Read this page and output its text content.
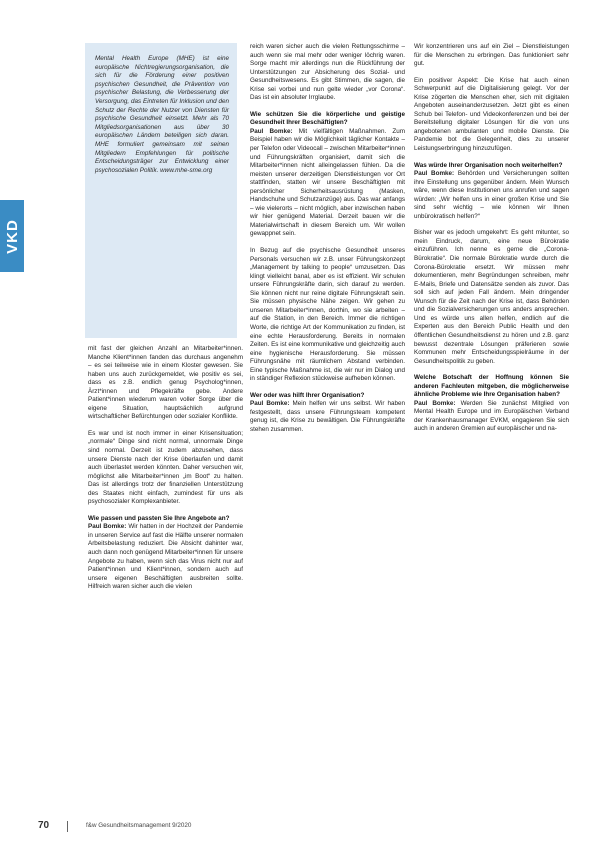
VKD

Mental Health Europe (MHE) ist eine europäische Nichtregierungsorganisation, die sich für die Förderung einer positiven psychischen Gesundheit, die Prävention von psychischer Belastung, die Verbesserung der Versorgung, das Eintreten für Inklusion und den Schutz der Rechte der Nutzer von Diensten für psychische Gesundheit einsetzt. Mehr als 70 Mitgliedsorganisationen aus über 30 europäischen Ländern beteiligen sich daran. MHE formuliert gemeinsam mit seinen Mitgliedern Empfehlungen für politische Entscheidungsträger zur Entwicklung einer psychosozialen Politik. www.mhe-sme.org

mit fast der gleichen Anzahl an Mitarbeiter*innen. Manche Klient*innen fanden das durchaus angenehm – es sei teilweise wie in einem Kloster gewesen. Sie haben uns auch zurückgemeldet, wie positiv es sei, dass es z.B. endlich genug Psycholog*innen, Ärzt*innen und Pflegekräfte gebe. Andere Patient*innen wiederum waren voller Sorge über die eigene Situation, hauptsächlich aufgrund wirtschaftlicher Befürchtungen oder sozialer Konflikte.

Es war und ist noch immer in einer Krisensituation; „normale“ Dinge sind nicht normal, unnormale Dinge sind normal. Derzeit ist zudem abzusehen, dass unsere Dienste nach der Krise überlaufen und damit auch überlastet werden könnten. Daher versuchen wir, möglichst alle Mitarbeiter*innen „im Boot“ zu halten. Das ist allerdings trotz der finanziellen Unterstützung des Staates nicht einfach, zumindest für uns als psychosozialer Komplexanbieter.

Wie passen und passten Sie Ihre Angebote an?

Paul Bomke: Wir hatten in der Hochzeit der Pandemie in unseren Service auf fast die Hälfte unserer normalen Arbeitsbelastung reduziert. Die Absicht dahinter war, auch dann noch genügend Mitarbeiter*innen für unsere Angebote zu haben, wenn sich das Virus nicht nur auf Patient*innen und Klient*innen, sondern auch auf unsere eigenen Beschäftigten ausbreiten sollte. Hilfreich waren sicher auch die vielen

reich waren sicher auch die vielen Rettungsschirme – auch wenn sie mal mehr oder weniger löchrig waren. Sorge macht mir allerdings nun die Rückführung der Unterstützungen zur Absicherung des Sozial- und Gesundheitswesens. Es gibt Stimmen, die sagen, die Krise sei vorbei und nun gelte wieder „vor Corona“. Das ist ein absoluter Irrglaube.

Wie schützen Sie die körperliche und geistige Gesundheit Ihrer Beschäftigten?

Paul Bomke: Mit vielfältigen Maßnahmen. Zum Beispiel haben wir die Möglichkeit täglicher Kontakte – per Telefon oder Videocall – zwischen Mitarbeiter*innen und Führungskräften organisiert, damit sich die Mitarbeiter*innen nicht alleingelassen fühlen. Da die meisten unserer derzeitigen Dienstleistungen vor Ort stattfinden, statten wir unsere Beschäftigten mit persönlicher Sicherheitsausrüstung (Masken, Handschuhe und Schutzanzüge) aus. Das war anfangs – wie vielerorts – nicht möglich, aber inzwischen haben wir hier genügend Material. Derzeit bauen wir die Materialwirtschaft in diesem Bereich um. Wir wollen gewappnet sein.

In Bezug auf die psychische Gesundheit unseres Personals versuchen wir z.B. unser Führungskonzept „Management by talking to people“ umzusetzen. Das klingt vielleicht banal, aber es ist effizient. Wir schulen unsere Führungskräfte darin, sich darauf zu werden. Sie können nicht nur reine digitale Führungskraft sein. Sie müssen physische Nähe zeigen. Wir gehen zu unseren Mitarbeiter*innen, dorthin, wo sie arbeiten – auf die Station, in den Bereich. Immer die richtigen Worte, die richtige Art der Kommunikation zu finden, ist eine echte Herausforderung. Bereits in normalen Zeiten. Es ist eine kommunikative und gleichzeitig auch eine hygienische Herausforderung. Sie müssen Führungsnähe mit räumlichem Abstand verbinden. Eine typische Maßnahme ist, die wir nur im Dialog und in ständiger Reflexion stückweise aufheben können.

Wer oder was hilft Ihrer Organisation?

Paul Bomke: Mein helfen wir uns selbst. Wir haben festgestellt, dass unsere Führungsteam kompetent genug ist, die Krise zu bewältigen. Die Führungskräfte stehen zusammen.

Wir konzentrieren uns auf ein Ziel – Dienstleistungen für die Menschen zu erbringen. Das funktioniert sehr gut.

Ein positiver Aspekt: Die Krise hat auch einen Schwerpunkt auf die Digitalisierung gelegt. Vor der Krise zögerten die Menschen eher, sich mit digitalen Angeboten auseinanderzusetzen. Jetzt gibt es einen Schub bei Telefon- und Videokonferenzen und bei der Bereitstellung digitaler Lösungen für die von uns angebotenen ambulanten und mobile Dienste. Die Pandemie bot die Gelegenheit, dies zu unserer Leistungserbringung hinzuzufügen.

Was würde Ihrer Organisation noch weiterhelfen?

Paul Bomke: Behörden und Versicherungen sollten ihre Einstellung uns gegenüber ändern. Mein Wunsch wäre, wenn diese Institutionen uns anrufen und sagen würden: „Wir helfen uns in einer großen Krise und Sie sind sehr wichtig – wie können wir Ihnen unbürokratisch helfen?“

Bisher war es jedoch umgekehrt: Es geht mitunter, so mein Eindruck, darum, eine neue Bürokratie einzuführen. Ich nenne es gerne die „Corona-Bürokratie“. Die normale Bürokratie wurde durch die Corona-Bürokratie ersetzt. Wir müssen mehr dokumentieren, mehr Begründungen schreiben, mehr E-Mails, Briefe und Datensätze senden als zuvor. Das soll sich auf jeden Fall ändern. Mein dringender Wunsch für die Zeit nach der Krise ist, dass Behörden und die Sozialversicherungen uns anders ansprechen. Und es würde uns allen helfen, endlich auf die Experten aus den Bereich Public Health und den öffentlichen Gesundheitsdienst zu hören und z.B. ganz bewusst dezentrale Lösungen präferieren sowie Kommunen mehr Entscheidungsspielräume in der Gesundheitspolitik zu geben.

Welche Botschaft der Hoffnung können Sie anderen Fachleuten mitgeben, die möglicherweise ähnliche Probleme wie Ihre Organisation haben?

Paul Bomke: Werden Sie zunächst Mitglied von Mental Health Europe und im Europäischen Verband der Krankenhausmanager EVKM, engagieren Sie sich auch in anderen Gremien auf europäischer und na-

70	f&w Gesundheitsmanagement 9/2020
